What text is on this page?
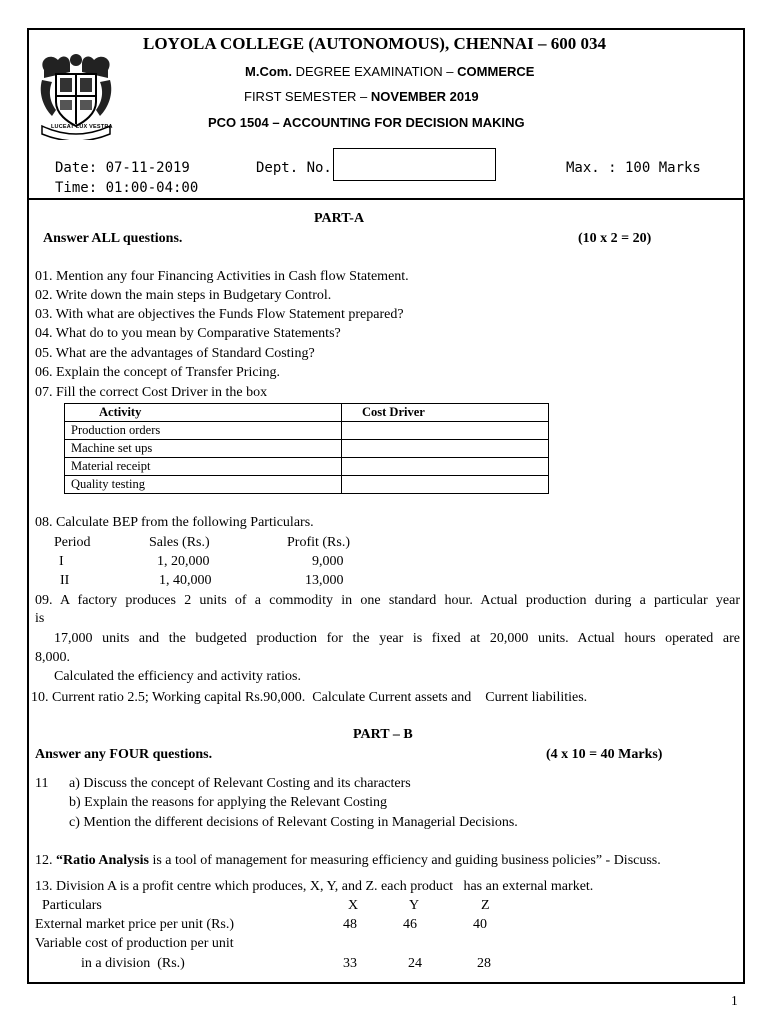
LUCEAT LUX VESTRA
LOYOLA COLLEGE (AUTONOMOUS), CHENNAI – 600 034
M.Com. DEGREE EXAMINATION – COMMERCE
FIRST SEMESTER – NOVEMBER 2019
PCO 1504 – ACCOUNTING FOR DECISION MAKING
Date: 07-11-2019
Time: 01:00-04:00
Dept. No.	Max. : 100 Marks
PART-A
Answer ALL questions.	(10 x 2 = 20)
01. Mention any four Financing Activities in Cash flow Statement.
02. Write down the main steps in Budgetary Control.
03. With what are objectives the Funds Flow Statement prepared?
04. What do to you mean by Comparative Statements?
05. What are the advantages of Standard Costing?
06. Explain the concept of Transfer Pricing.
07. Fill the correct Cost Driver in the box
Activity	Cost Driver
Production orders	
Machine set ups	
Material receipt	
Quality testing	
08. Calculate BEP from the following Particulars.
Period	Sales (Rs.)	Profit (Rs.)
I	1, 20,000	9,000
II	1, 40,000	13,000
09. A factory produces 2 units of a commodity in one standard hour. Actual production during a particular year
is
17,000 units and the budgeted production for the year is fixed at 20,000 units. Actual hours operated are
8,000.
Calculated the efficiency and activity ratios.
10. Current ratio 2.5; Working capital Rs.90,000.  Calculate Current assets and    Current liabilities.
PART – B
Answer any FOUR questions.	(4 x 10 = 40 Marks)
11 a) Discuss the concept of Relevant Costing and its characters
b) Explain the reasons for applying the Relevant Costing
c) Mention the different decisions of Relevant Costing in Managerial Decisions.
12. “Ratio Analysis is a tool of management for measuring efficiency and guiding business policies” - Discuss.
13. Division A is a profit centre which produces, X, Y, and Z. each product   has an external market.
Particulars	X	Y	Z
External market price per unit (Rs.)	48	46	40
Variable cost of production per unit
in a division  (Rs.)	33	24	28
1
